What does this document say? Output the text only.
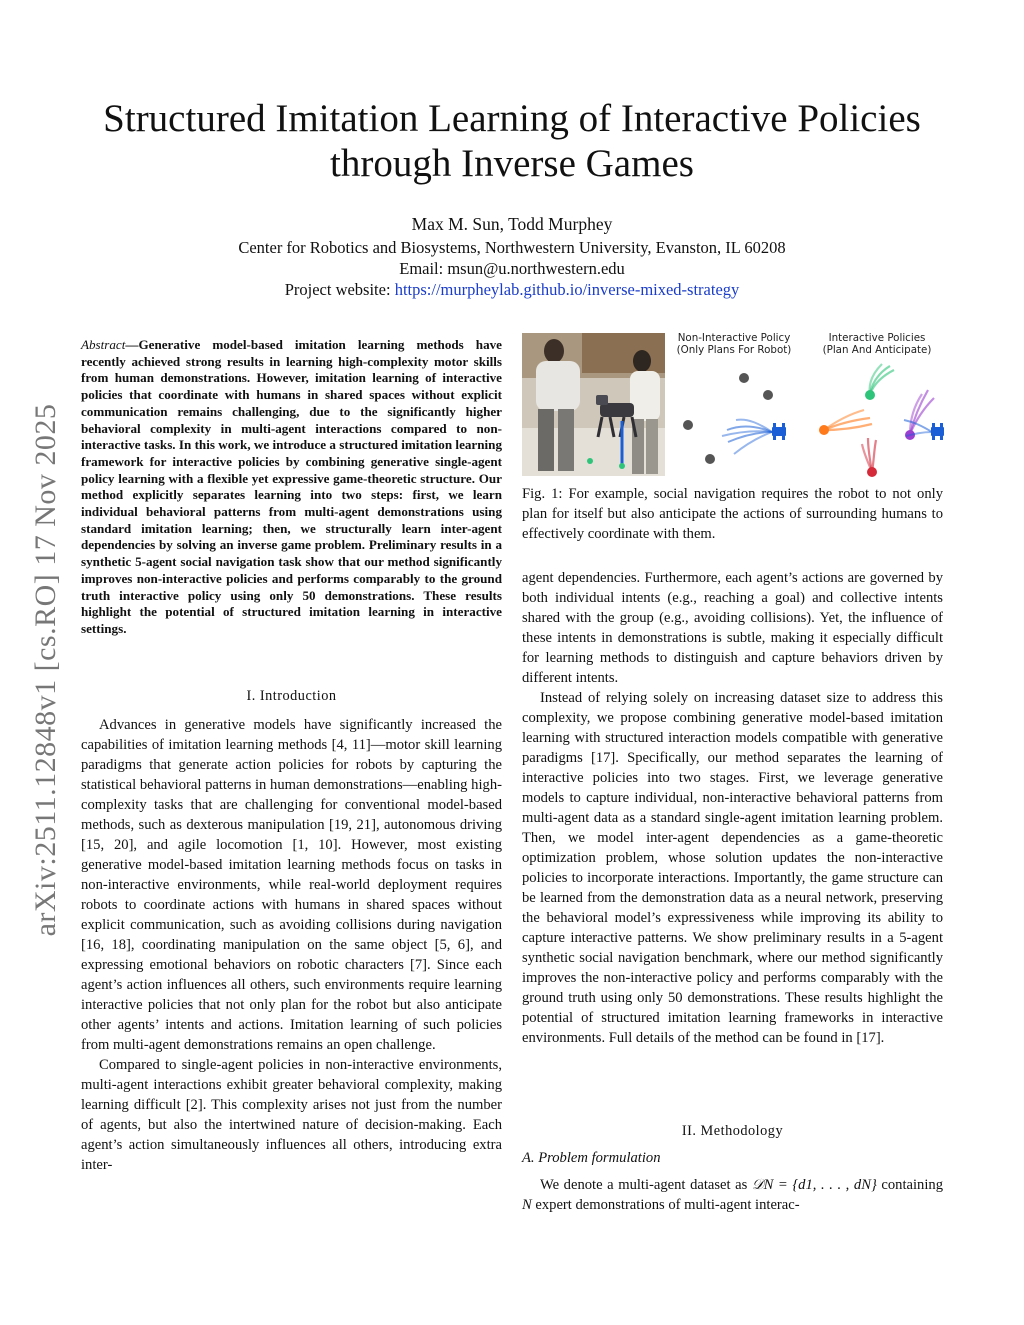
arXiv:2511.12848v1 [cs.RO] 17 Nov 2025
Structured Imitation Learning of Interactive Policies
through Inverse Games
Max M. Sun, Todd Murphey
Center for Robotics and Biosystems, Northwestern University, Evanston, IL 60208
Email: msun@u.northwestern.edu
Project website: https://murpheylab.github.io/inverse-mixed-strategy
Abstract—Generative model-based imitation learning methods have recently achieved strong results in learning high-complexity motor skills from human demonstrations. However, imitation learning of interactive policies that coordinate with humans in shared spaces without explicit communication remains challenging, due to the significantly higher behavioral complexity in multi-agent interactions compared to non-interactive tasks. In this work, we introduce a structured imitation learning framework for interactive policies by combining generative single-agent policy learning with a flexible yet expressive game-theoretic structure. Our method explicitly separates learning into two steps: first, we learn individual behavioral patterns from multi-agent demonstrations using standard imitation learning; then, we structurally learn inter-agent dependencies by solving an inverse game problem. Preliminary results in a synthetic 5-agent social navigation task show that our method significantly improves non-interactive policies and performs comparably to the ground truth interactive policy using only 50 demonstrations. These results highlight the potential of structured imitation learning in interactive settings.
I. Introduction

Advances in generative models have significantly increased the capabilities of imitation learning methods [4, 11]—motor skill learning paradigms that generate action policies for robots by capturing the statistical behavioral patterns in human demonstrations—enabling high-complexity tasks that are challenging for conventional model-based methods, such as dexterous manipulation [19, 21], autonomous driving [15, 20], and agile locomotion [1, 10]. However, most existing generative model-based imitation learning methods focus on tasks in non-interactive environments, while real-world deployment requires robots to coordinate actions with humans in shared spaces without explicit communication, such as avoiding collisions during navigation [16, 18], coordinating manipulation on the same object [5, 6], and expressing emotional behaviors on robotic characters [7]. Since each agent’s action influences all others, such environments require learning interactive policies that not only plan for the robot but also anticipate other agents’ intents and actions. Imitation learning of such policies from multi-agent demonstrations remains an open challenge.

Compared to single-agent policies in non-interactive environments, multi-agent interactions exhibit greater behavioral complexity, making learning difficult [2]. This complexity arises not just from the number of agents, but also the intertwined nature of decision-making. Each agent’s action simultaneously influences all others, introducing extra inter-

Non-Interactive Policy
(Only Plans For Robot)
Interactive Policies
(Plan And Anticipate)
Fig. 1: For example, social navigation requires the robot to not only plan for itself but also anticipate the actions of surrounding humans to effectively coordinate with them.

agent dependencies. Furthermore, each agent’s actions are governed by both individual intents (e.g., reaching a goal) and collective intents shared with the group (e.g., avoiding collisions). Yet, the influence of these intents in demonstrations is subtle, making it especially difficult for learning methods to distinguish and capture behaviors driven by different intents.

Instead of relying solely on increasing dataset size to address this complexity, we propose combining generative model-based imitation learning with structured interaction models compatible with generative paradigms [17]. Specifically, our method separates the learning of interactive policies into two stages. First, we leverage generative models to capture individual, non-interactive behavioral patterns from multi-agent data as a standard single-agent imitation learning problem. Then, we model inter-agent dependencies as a game-theoretic optimization problem, whose solution updates the non-interactive policies to incorporate interactions. Importantly, the game structure can be learned from the demonstration data as a neural network, preserving the behavioral model’s expressiveness while improving its ability to capture interactive patterns. We show preliminary results in a 5-agent synthetic social navigation benchmark, where our method significantly improves the non-interactive policy and performs comparably with the ground truth using only 50 demonstrations. These results highlight the potential of structured imitation learning frameworks in interactive environments. Full details of the method can be found in [17].

II. Methodology
A. Problem formulation

We denote a multi-agent dataset as 𝒟N = {d1, . . . , dN} containing N expert demonstrations of multi-agent interac-
